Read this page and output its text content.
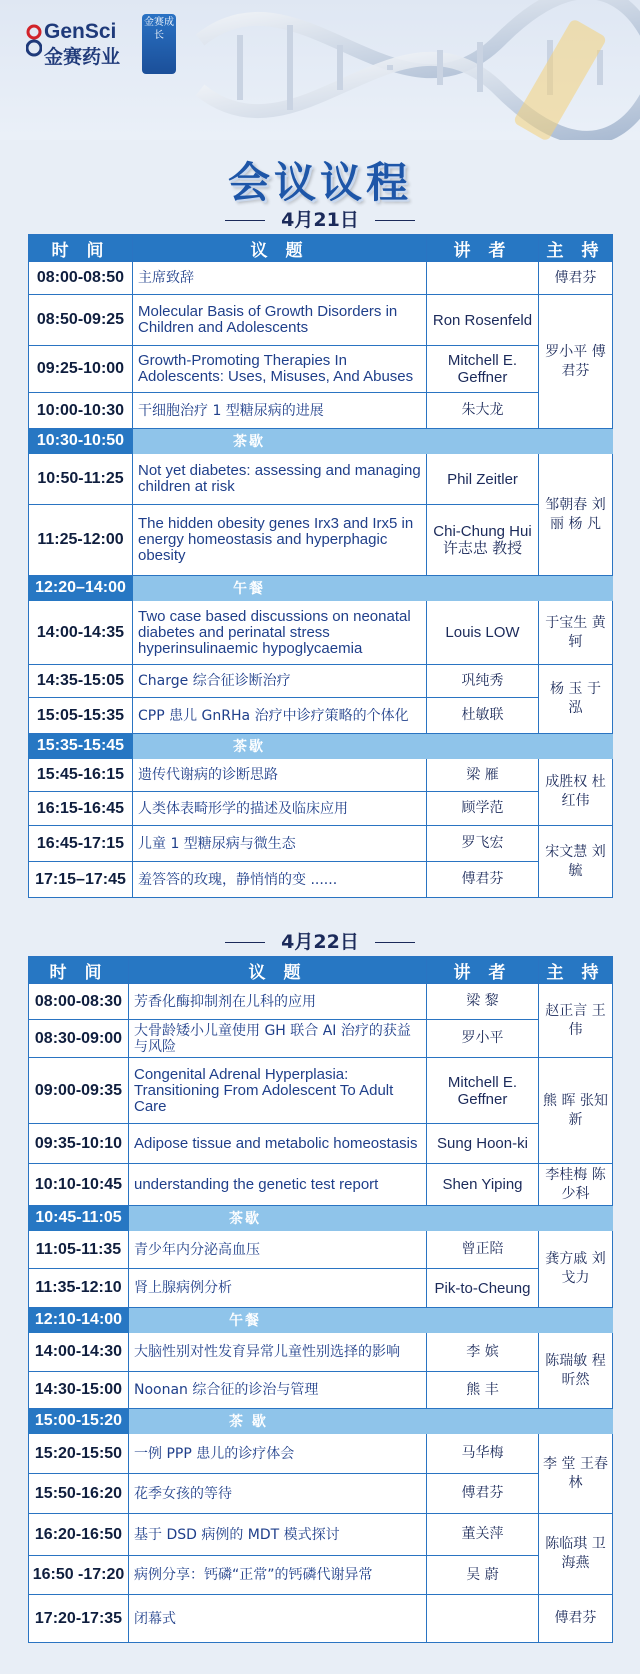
GenSci
金赛药业
金赛成长
会议议程
4月21日
时 间	议 题	讲 者	主 持
08:00-08:50	主席致辞		傅君芬
08:50-09:25	Molecular Basis of Growth Disorders in Children and Adolescents	Ron Rosenfeld	罗小平 傅君芬
09:25-10:00	Growth-Promoting Therapies In Adolescents: Uses, Misuses, And Abuses	Mitchell E. Geffner	
10:00-10:30	干细胞治疗 1 型糖尿病的进展	朱大龙	
10:30-10:50	茶歇		
10:50-11:25	Not yet diabetes: assessing and managing children at risk	Phil Zeitler	邹朝春 刘 丽 杨 凡
11:25-12:00	The hidden obesity genes Irx3 and Irx5 in energy homeostasis and hyperphagic obesity	Chi-Chung Hui 许志忠 教授	
12:20–14:00	午餐		
14:00-14:35	Two case based discussions on neonatal diabetes and perinatal stress hyperinsulinaemic hypoglycaemia	Louis LOW	于宝生 黄 轲
14:35-15:05	Charge 综合征诊断治疗	巩纯秀	杨 玉 于 泓
15:05-15:35	CPP 患儿 GnRHa 治疗中诊疗策略的个体化	杜敏联	
15:35-15:45	茶歇		
15:45-16:15	遗传代谢病的诊断思路	梁 雁	成胜权 杜红伟
16:15-16:45	人类体表畸形学的描述及临床应用	顾学范	
16:45-17:15	儿童 1 型糖尿病与微生态	罗飞宏	宋文慧 刘 毓
17:15–17:45	羞答答的玫瑰，静悄悄的变 ......	傅君芬	
4月22日
时 间	议 题	讲 者	主 持
08:00-08:30	芳香化酶抑制剂在儿科的应用	梁 黎	赵正言 王 伟
08:30-09:00	大骨龄矮小儿童使用 GH 联合 AI 治疗的获益与风险	罗小平	
09:00-09:35	Congenital Adrenal Hyperplasia: Transitioning From Adolescent To Adult Care	Mitchell E. Geffner	熊 晖 张知新
09:35-10:10	Adipose tissue and metabolic homeostasis	Sung Hoon-ki	
10:10-10:45	understanding the genetic test report	Shen Yiping	李桂梅 陈少科
10:45-11:05	茶歇		
11:05-11:35	青少年内分泌高血压	曾正陪	龚方戚 刘戈力
11:35-12:10	肾上腺病例分析	Pik-to-Cheung	
12:10-14:00	午餐		
14:00-14:30	大脑性别对性发育异常儿童性别选择的影响	李 嫔	陈瑞敏 程昕然
14:30-15:00	Noonan 综合征的诊治与管理	熊 丰	
15:00-15:20	茶 歇		
15:20-15:50	一例 PPP 患儿的诊疗体会	马华梅	李 堂 王春林
15:50-16:20	花季女孩的等待	傅君芬	
16:20-16:50	基于 DSD 病例的 MDT 模式探讨	董关萍	陈临琪 卫海燕
16:50 -17:20	病例分享：钙磷“正常”的钙磷代谢异常	吴 蔚	
17:20-17:35	闭幕式		傅君芬
